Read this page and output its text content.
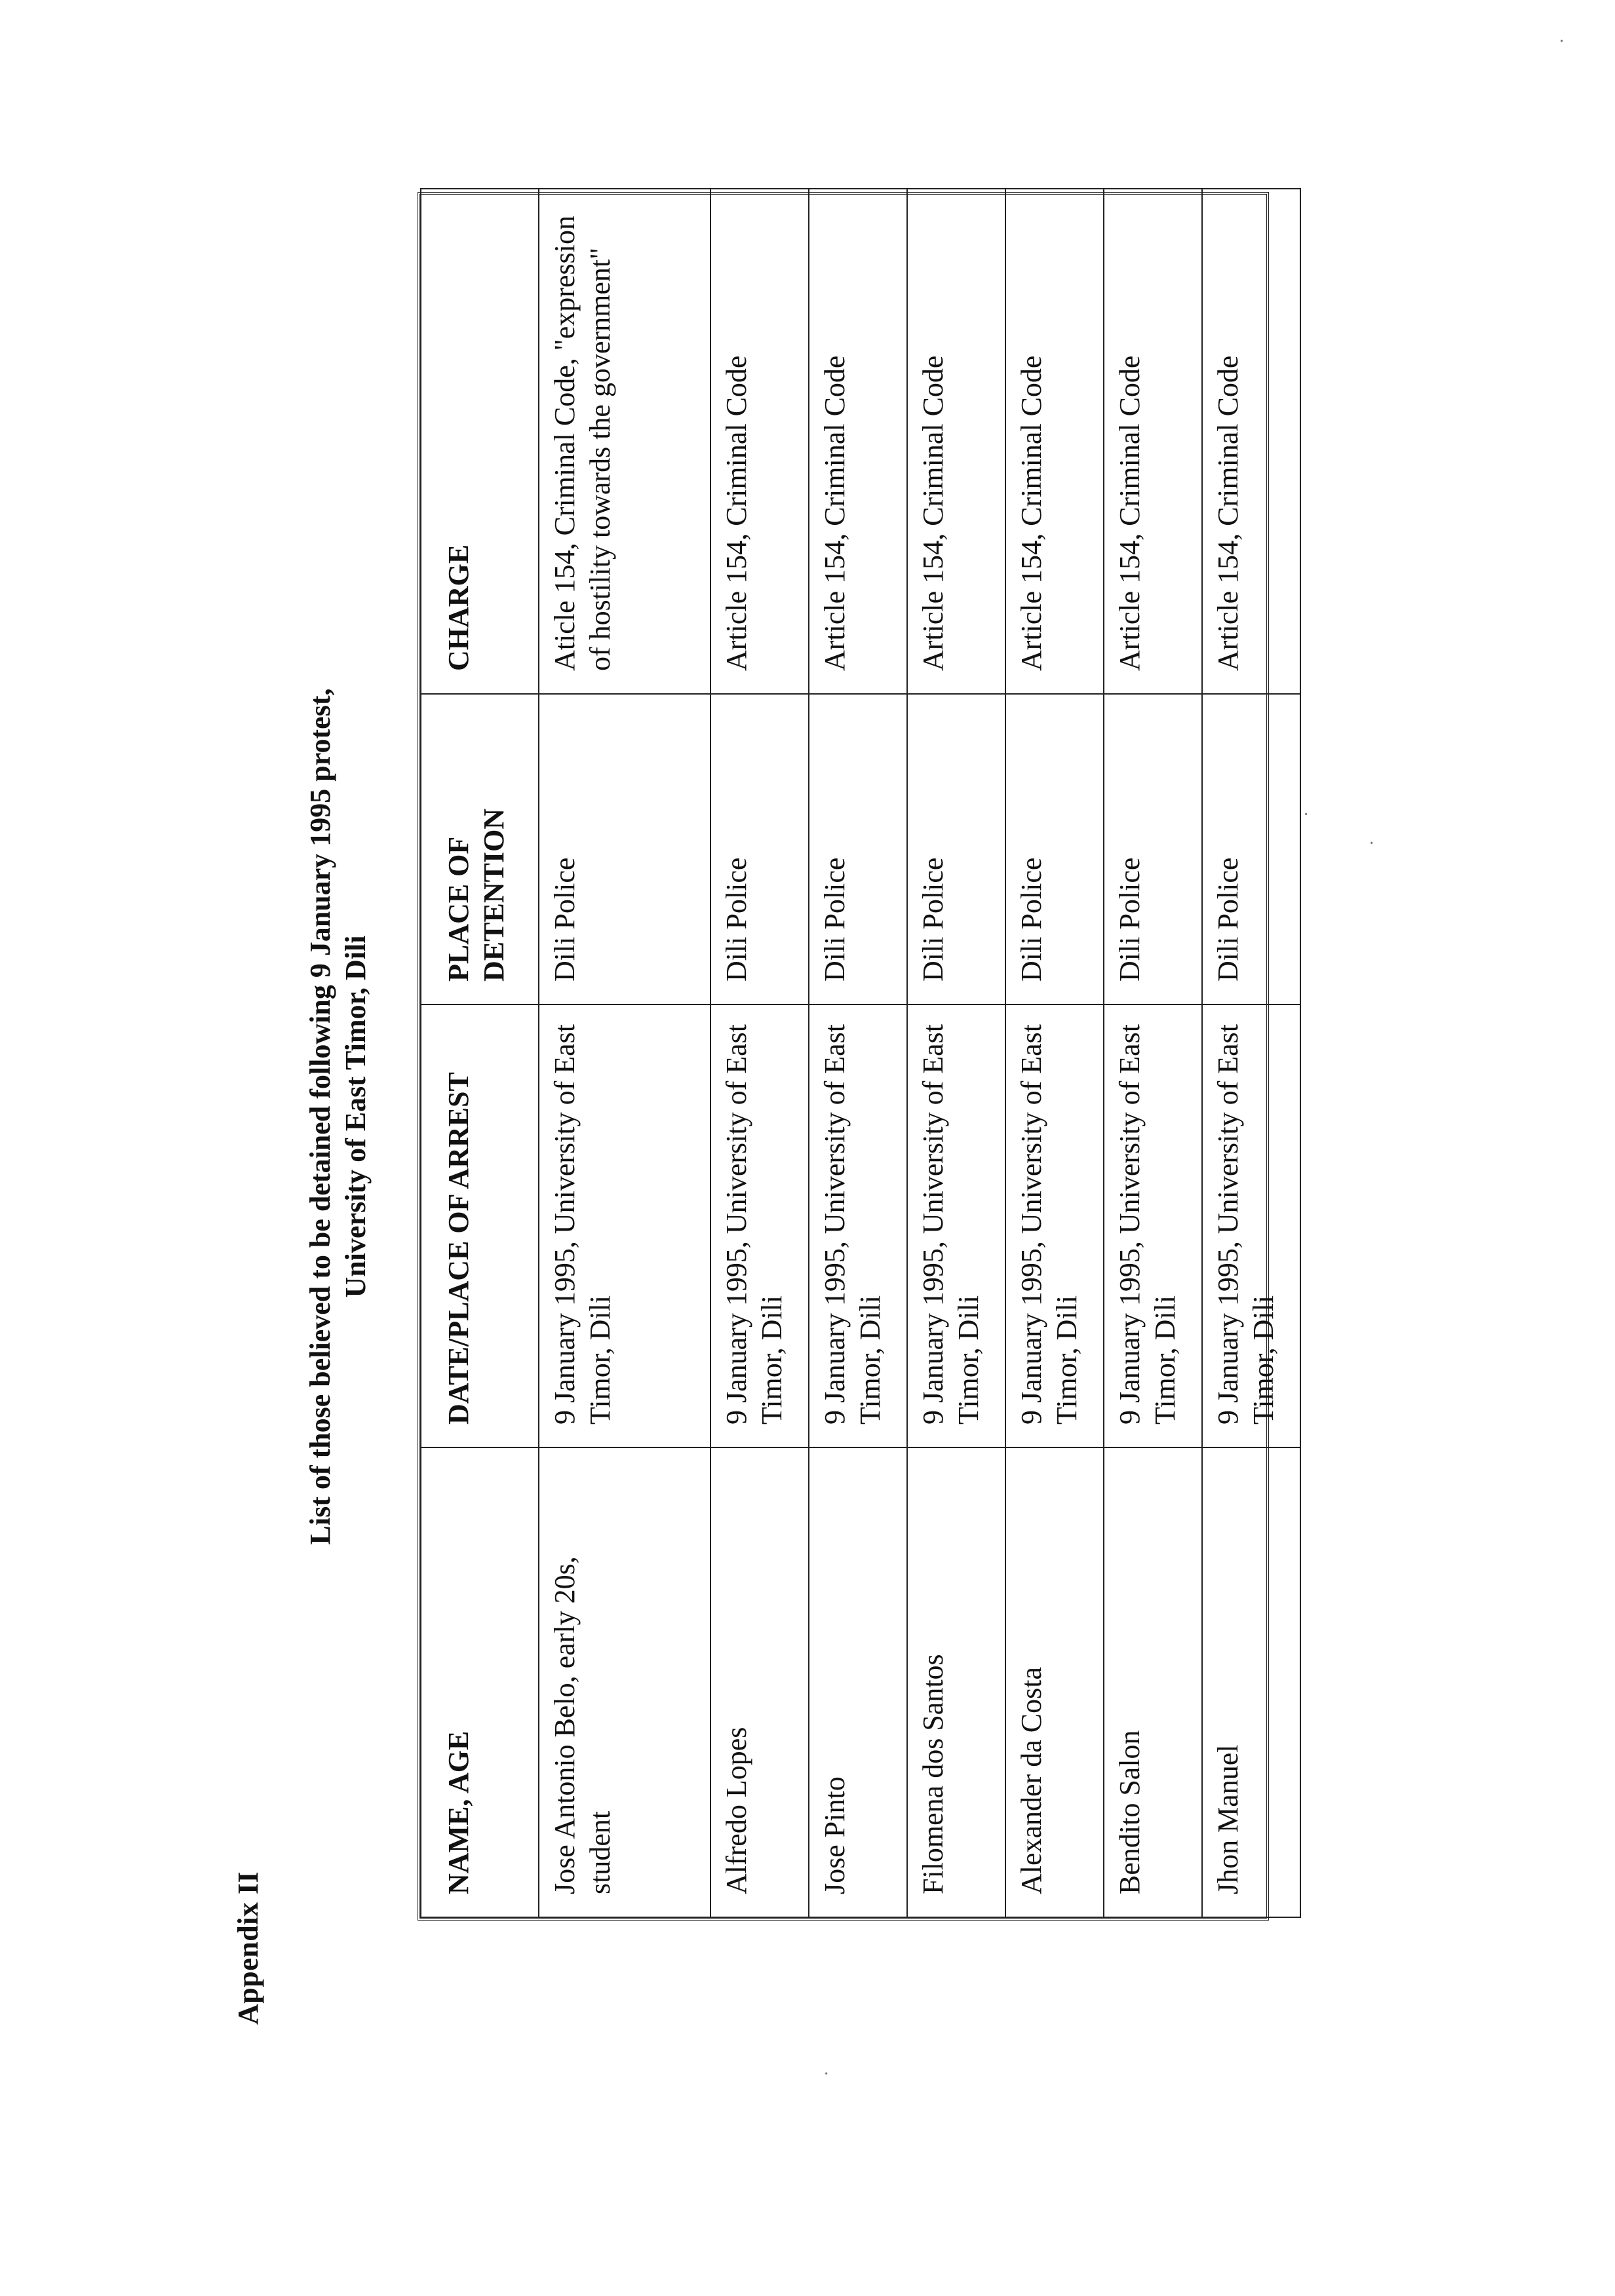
Appendix II
List of those believed to be detained following 9 January 1995 protest, University of East Timor, Dili
NAME, AGE	DATE/PLACE OF ARREST	PLACE OF DETENTION	CHARGE
Jose Antonio Belo, early 20s, student	9 January 1995, University of East Timor, Dili	Dili Police	Aticle 154, Criminal Code, "expression of hostility towards the government"
Alfredo Lopes	9 January 1995, University of East Timor, Dili	Dili Police	Article 154, Criminal Code
Jose Pinto	9 January 1995, University of East Timor, Dili	Dili Police	Article 154, Criminal Code
Filomena dos Santos	9 January 1995, University of East Timor, Dili	Dili Police	Article 154, Criminal Code
Alexander da Costa	9 January 1995, University of East Timor, Dili	Dili Police	Article 154, Criminal Code
Bendito Salon	9 January 1995, University of East Timor, Dili	Dili Police	Article 154, Criminal Code
Jhon Manuel	9 January 1995, University of East Timor, Dili	Dili Police	Article 154, Criminal Code
·
·
·
·
